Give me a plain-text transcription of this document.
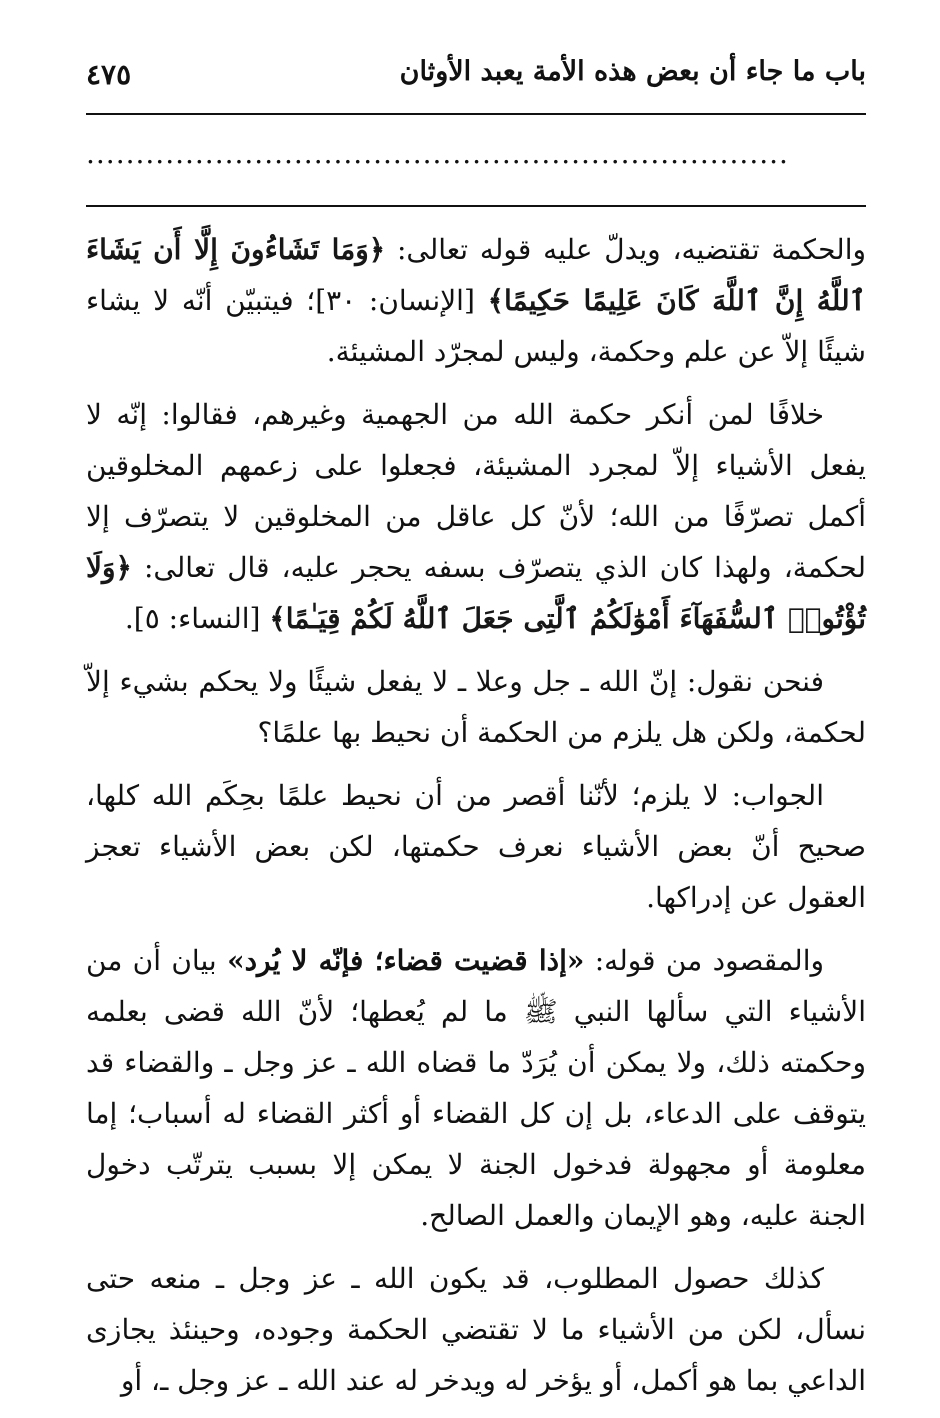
٤٧٥	باب ما جاء أن بعض هذه الأمة يعبد الأوثان
.......................................................................

والحكمة تقتضيه، ويدلّ عليه قوله تعالى: ﴿وَمَا تَشَاءُونَ إِلَّا أَن يَشَاءَ ٱللَّهُ إِنَّ ٱللَّهَ كَانَ عَلِيمًا حَكِيمًا﴾ [الإنسان: ٣٠]؛ فيتبيّن أنّه لا يشاء شيئًا إلاّ عن علم وحكمة، وليس لمجرّد المشيئة.

خلافًا لمن أنكر حكمة الله من الجهمية وغيرهم، فقالوا: إنّه لا يفعل الأشياء إلاّ لمجرد المشيئة، فجعلوا على زعمهم المخلوقين أكمل تصرّفًا من الله؛ لأنّ كل عاقل من المخلوقين لا يتصرّف إلا لحكمة، ولهذا كان الذي يتصرّف بسفه يحجر عليه، قال تعالى: ﴿وَلَا تُؤْتُوا۟ ٱلسُّفَهَآءَ أَمْوَٰلَكُمُ ٱلَّتِى جَعَلَ ٱللَّهُ لَكُمْ قِيَـٰمًا﴾ [النساء: ٥].

فنحن نقول: إنّ الله ـ جل وعلا ـ لا يفعل شيئًا ولا يحكم بشيء إلاّ لحكمة، ولكن هل يلزم من الحكمة أن نحيط بها علمًا؟

الجواب: لا يلزم؛ لأنّنا أقصر من أن نحيط علمًا بحِكَم الله كلها، صحيح أنّ بعض الأشياء نعرف حكمتها، لكن بعض الأشياء تعجز العقول عن إدراكها.

والمقصود من قوله: «إذا قضيت قضاء؛ فإنّه لا يُرد» بيان أن من الأشياء التي سألها النبي ﷺ ما لم يُعطها؛ لأنّ الله قضى بعلمه وحكمته ذلك، ولا يمكن أن يُرَدّ ما قضاه الله ـ عز وجل ـ والقضاء قد يتوقف على الدعاء، بل إن كل القضاء أو أكثر القضاء له أسباب؛ إما معلومة أو مجهولة فدخول الجنة لا يمكن إلا بسبب يترتّب دخول الجنة عليه، وهو الإيمان والعمل الصالح.

كذلك حصول المطلوب، قد يكون الله ـ عز وجل ـ منعه حتى نسأل، لكن من الأشياء ما لا تقتضي الحكمة وجوده، وحينئذ يجازى الداعي بما هو أكمل، أو يؤخر له ويدخر له عند الله ـ عز وجل ـ، أو
